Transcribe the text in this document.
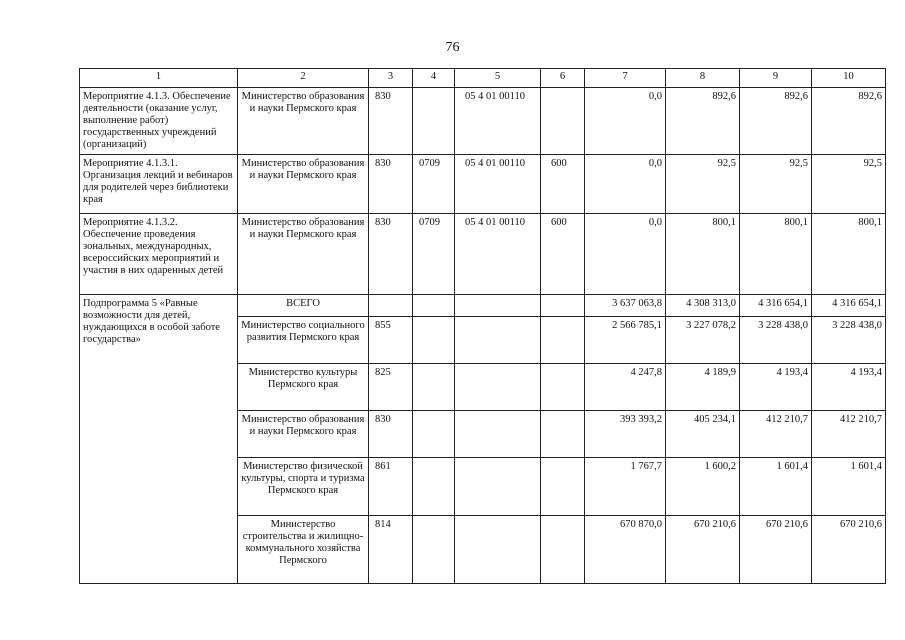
76
1	2	3	4	5	6	7	8	9	10
Мероприятие 4.1.3. Обеспечение деятельности (оказание услуг, выполнение работ) государственных учреждений (организаций)	Министерство образования и науки Пермского края	830		05 4 01 00110		0,0	892,6	892,6	892,6
Мероприятие 4.1.3.1. Организация лекций и вебинаров для родителей через библиотеки края	Министерство образования и науки Пермского края	830	0709	05 4 01 00110	600	0,0	92,5	92,5	92,5
Мероприятие 4.1.3.2. Обеспечение проведения зональных, международных, всероссийских мероприятий и участия в них одаренных детей	Министерство образования и науки Пермского края	830	0709	05 4 01 00110	600	0,0	800,1	800,1	800,1
Подпрограмма 5 «Равные возможности для детей, нуждающихся в особой заботе государства»	ВСЕГО					3 637 063,8	4 308 313,0	4 316 654,1	4 316 654,1
	Министерство социального развития Пермского края	855				2 566 785,1	3 227 078,2	3 228 438,0	3 228 438,0
	Министерство культуры Пермского края	825				4 247,8	4 189,9	4 193,4	4 193,4
	Министерство образования и науки Пермского края	830				393 393,2	405 234,1	412 210,7	412 210,7
	Министерство физической культуры, спорта и туризма Пермского края	861				1 767,7	1 600,2	1 601,4	1 601,4
	Министерство строительства и жилищно-коммунального хозяйства Пермского	814				670 870,0	670 210,6	670 210,6	670 210,6
